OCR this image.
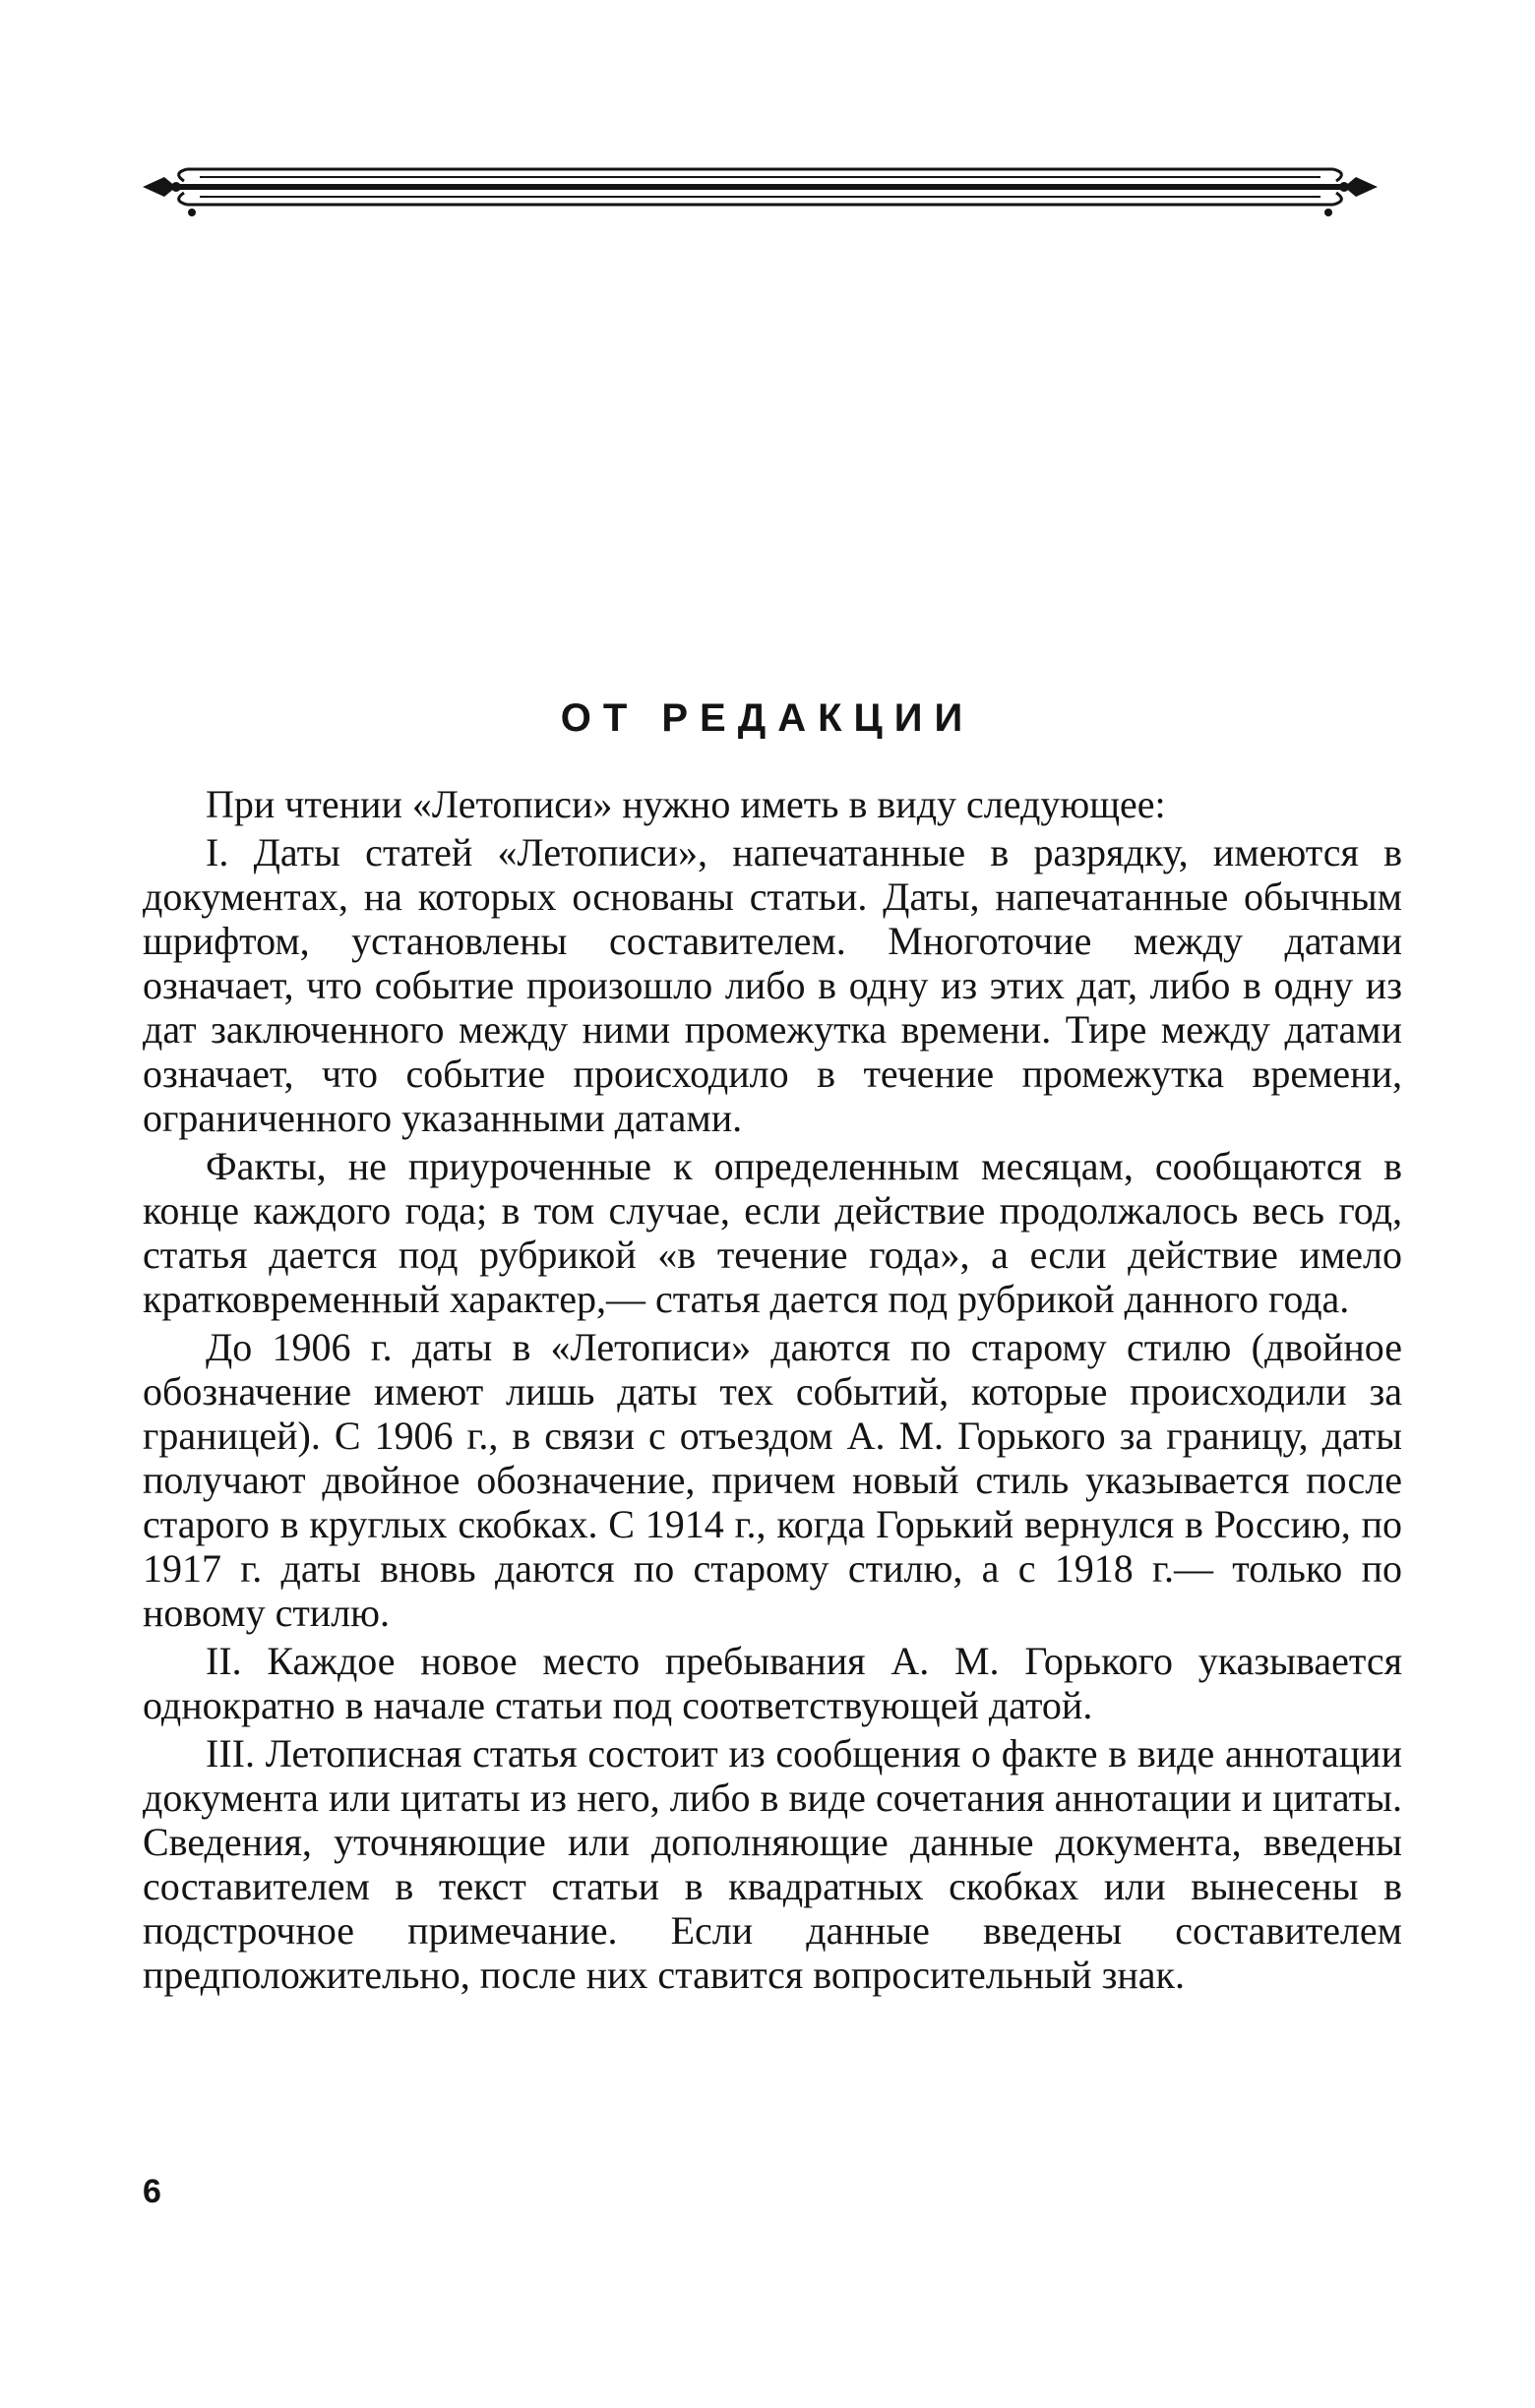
ОТ РЕДАКЦИИ

При чтении «Летописи» нужно иметь в виду следующее:

I. Даты статей «Летописи», напечатанные в разрядку, имеются в документах, на которых основаны статьи. Даты, напечатанные обычным шрифтом, установлены составителем. Многоточие между датами означает, что событие произошло либо в одну из этих дат, либо в одну из дат заключенного между ними промежутка времени. Тире между датами означает, что событие происходило в течение промежутка времени, ограниченного указанными датами.

Факты, не приуроченные к определенным месяцам, сообщаются в конце каждого года; в том случае, если действие продолжалось весь год, статья дается под рубрикой «в течение года», а если действие имело кратковременный характер,— статья дается под рубрикой данного года.

До 1906 г. даты в «Летописи» даются по старому стилю (двойное обозначение имеют лишь даты тех событий, которые происходили за границей). С 1906 г., в связи с отъездом А. М. Горького за границу, даты получают двойное обозначение, причем новый стиль указывается после старого в круглых скобках. С 1914 г., когда Горький вернулся в Россию, по 1917 г. даты вновь даются по старому стилю, а с 1918 г.— только по новому стилю.

II. Каждое новое место пребывания А. М. Горького указывается однократно в начале статьи под соответствующей датой.

III. Летописная статья состоит из сообщения о факте в виде аннотации документа или цитаты из него, либо в виде сочетания аннотации и цитаты. Сведения, уточняющие или дополняющие данные документа, введены составителем в текст статьи в квадратных скобках или вынесены в подстрочное примечание. Если данные введены составителем предположительно, после них ставится вопросительный знак.

6
